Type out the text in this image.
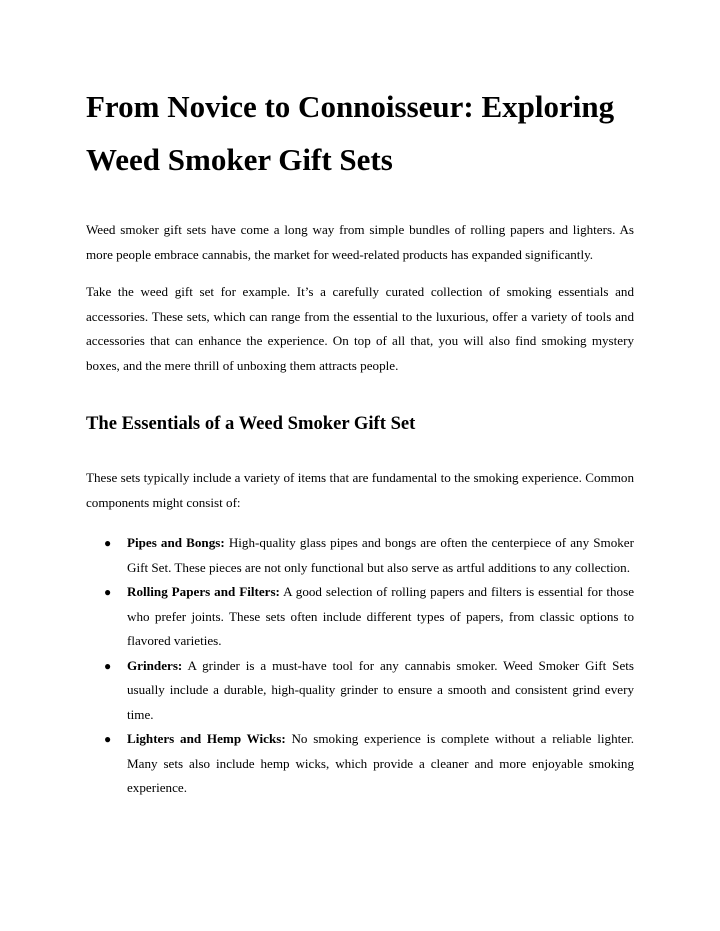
From Novice to Connoisseur: Exploring Weed Smoker Gift Sets

Weed smoker gift sets have come a long way from simple bundles of rolling papers and lighters. As more people embrace cannabis, the market for weed-related products has expanded significantly.

Take the weed gift set for example. It’s a carefully curated collection of smoking essentials and accessories. These sets, which can range from the essential to the luxurious, offer a variety of tools and accessories that can enhance the experience. On top of all that, you will also find smoking mystery boxes, and the mere thrill of unboxing them attracts people.

The Essentials of a Weed Smoker Gift Set

These sets typically include a variety of items that are fundamental to the smoking experience. Common components might consist of:

● Pipes and Bongs: High-quality glass pipes and bongs are often the centerpiece of any Smoker Gift Set. These pieces are not only functional but also serve as artful additions to any collection.
● Rolling Papers and Filters: A good selection of rolling papers and filters is essential for those who prefer joints. These sets often include different types of papers, from classic options to flavored varieties.
● Grinders: A grinder is a must-have tool for any cannabis smoker. Weed Smoker Gift Sets usually include a durable, high-quality grinder to ensure a smooth and consistent grind every time.
● Lighters and Hemp Wicks: No smoking experience is complete without a reliable lighter. Many sets also include hemp wicks, which provide a cleaner and more enjoyable smoking experience.
